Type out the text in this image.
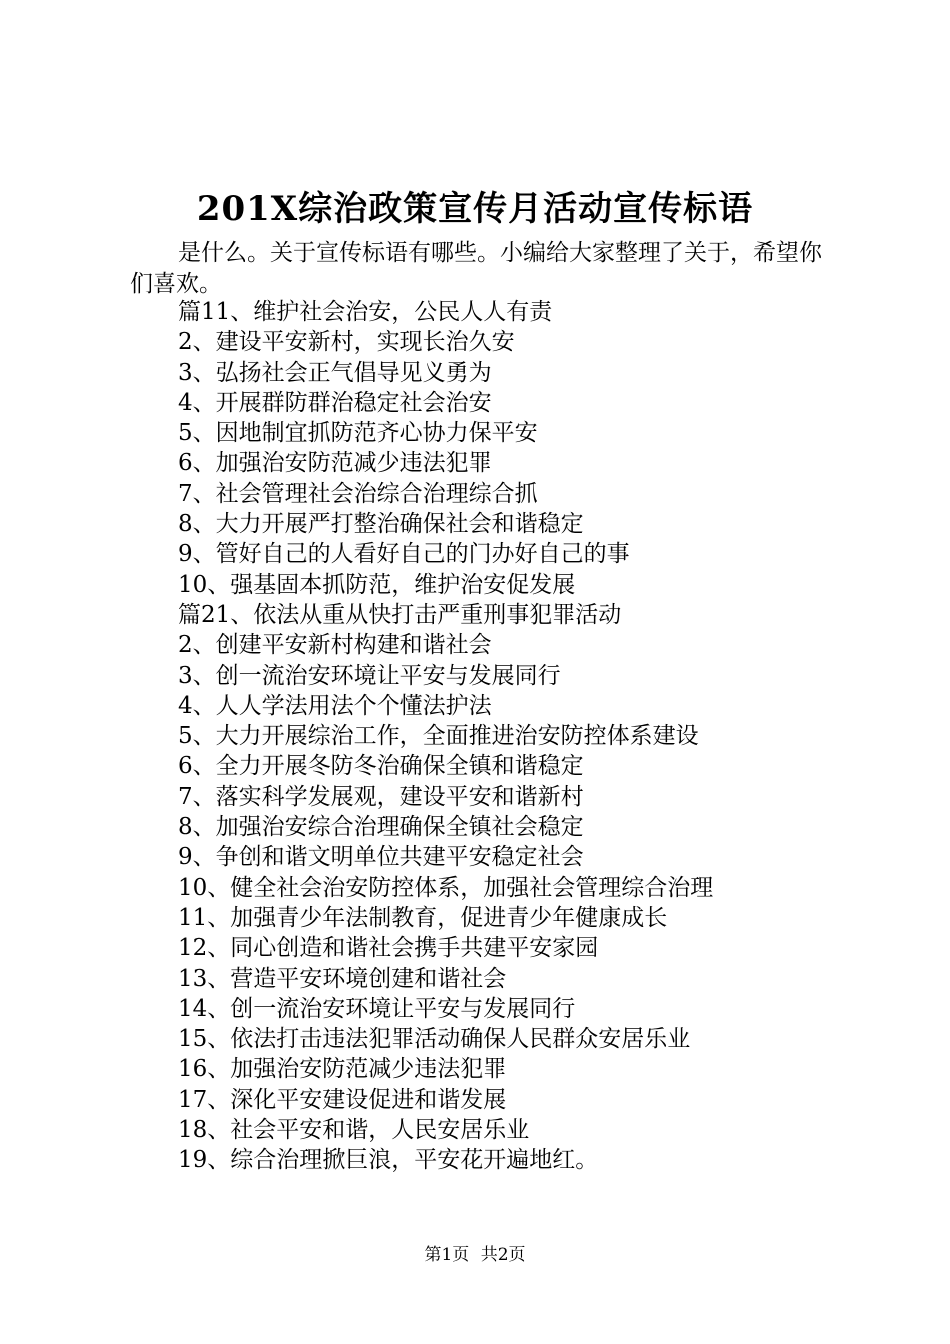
201X综治政策宣传月活动宣传标语
是什么。关于宣传标语有哪些。小编给大家整理了关于，希望你们喜欢。
篇11、维护社会治安，公民人人有责
2、建设平安新村，实现长治久安
3、弘扬社会正气倡导见义勇为
4、开展群防群治稳定社会治安
5、因地制宜抓防范齐心协力保平安
6、加强治安防范减少违法犯罪
7、社会管理社会治综合治理综合抓
8、大力开展严打整治确保社会和谐稳定
9、管好自己的人看好自己的门办好自己的事
10、强基固本抓防范，维护治安促发展
篇21、依法从重从快打击严重刑事犯罪活动
2、创建平安新村构建和谐社会
3、创一流治安环境让平安与发展同行
4、人人学法用法个个懂法护法
5、大力开展综治工作，全面推进治安防控体系建设
6、全力开展冬防冬治确保全镇和谐稳定
7、落实科学发展观，建设平安和谐新村
8、加强治安综合治理确保全镇社会稳定
9、争创和谐文明单位共建平安稳定社会
10、健全社会治安防控体系，加强社会管理综合治理
11、加强青少年法制教育，促进青少年健康成长
12、同心创造和谐社会携手共建平安家园
13、营造平安环境创建和谐社会
14、创一流治安环境让平安与发展同行
15、依法打击违法犯罪活动确保人民群众安居乐业
16、加强治安防范减少违法犯罪
17、深化平安建设促进和谐发展
18、社会平安和谐，人民安居乐业
19、综合治理掀巨浪，平安花开遍地红。
第1页 共2页
